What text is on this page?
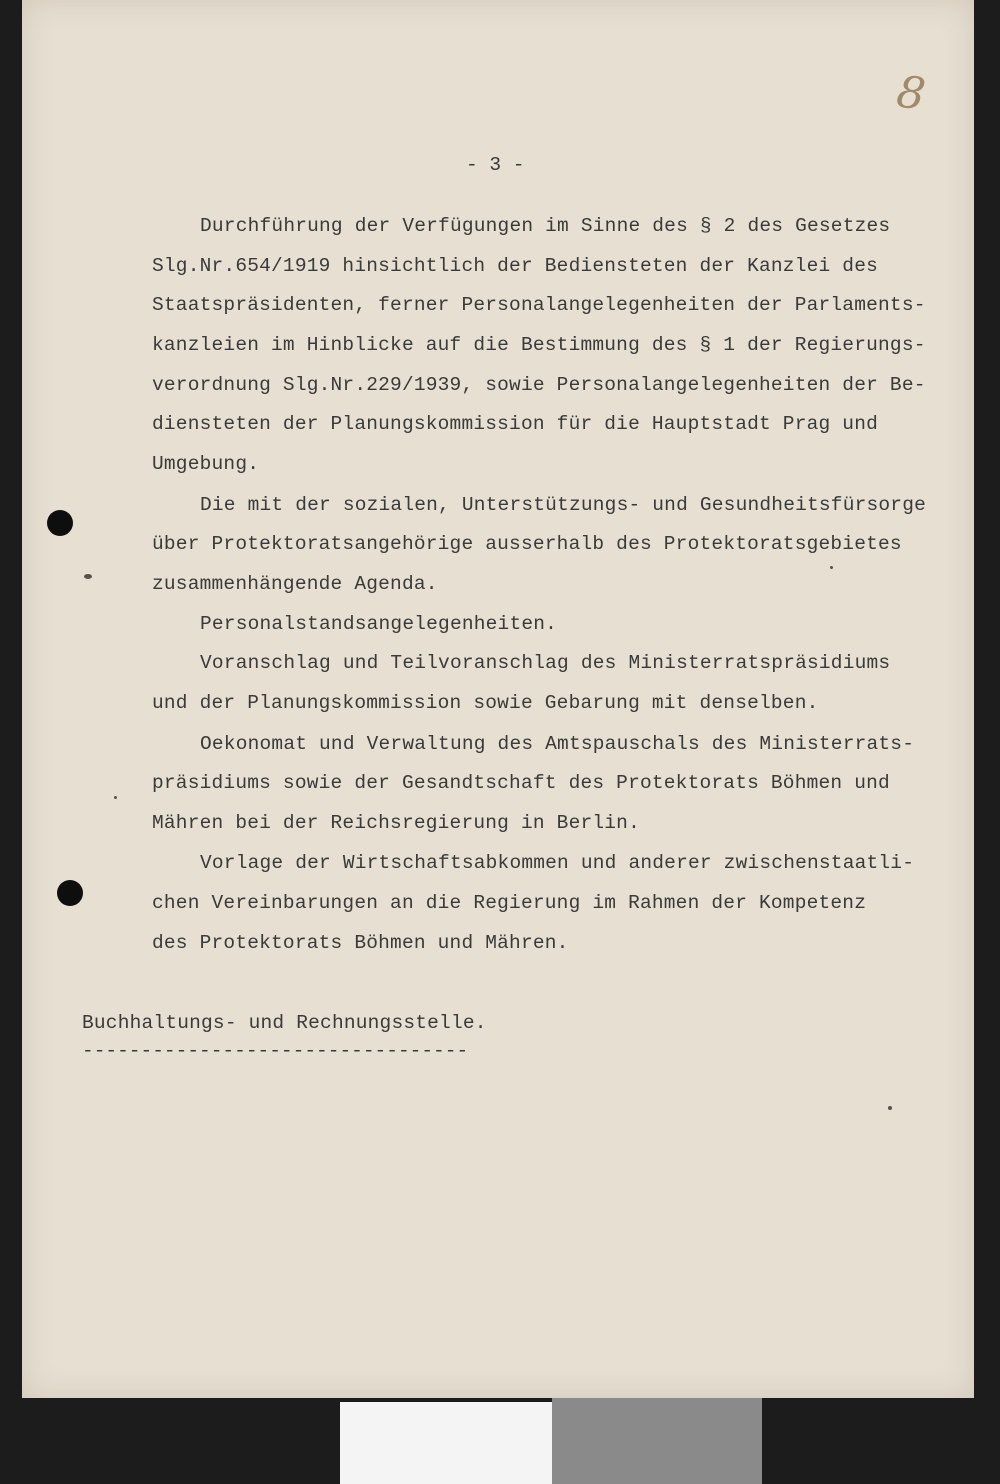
8
- 3 -
Durchführung der Verfügungen im Sinne des § 2 des Gesetzes
Slg.Nr.654/1919 hinsichtlich der Bediensteten der Kanzlei des
Staatspräsidenten, ferner Personalangelegenheiten der Parlaments-
kanzleien im Hinblicke auf die Bestimmung des § 1 der Regierungs-
verordnung Slg.Nr.229/1939, sowie Personalangelegenheiten der Be-
diensteten der Planungskommission für die Hauptstadt Prag und
Umgebung.
Die mit der sozialen, Unterstützungs- und Gesundheitsfürsorge
über Protektoratsangehörige ausserhalb des Protektoratsgebietes
zusammenhängende Agenda.
Personalstandsangelegenheiten.
Voranschlag und Teilvoranschlag des Ministerratspräsidiums
und der Planungskommission sowie Gebarung mit denselben.
Oekonomat und Verwaltung des Amtspauschals des Ministerrats-
präsidiums sowie der Gesandtschaft des Protektorats Böhmen und
Mähren bei der Reichsregierung in Berlin.
Vorlage der Wirtschaftsabkommen und anderer zwischenstaatli-
chen Vereinbarungen an die Regierung im Rahmen der Kompetenz
des Protektorats Böhmen und Mähren.
Buchhaltungs- und Rechnungsstelle.
---------------------------------
